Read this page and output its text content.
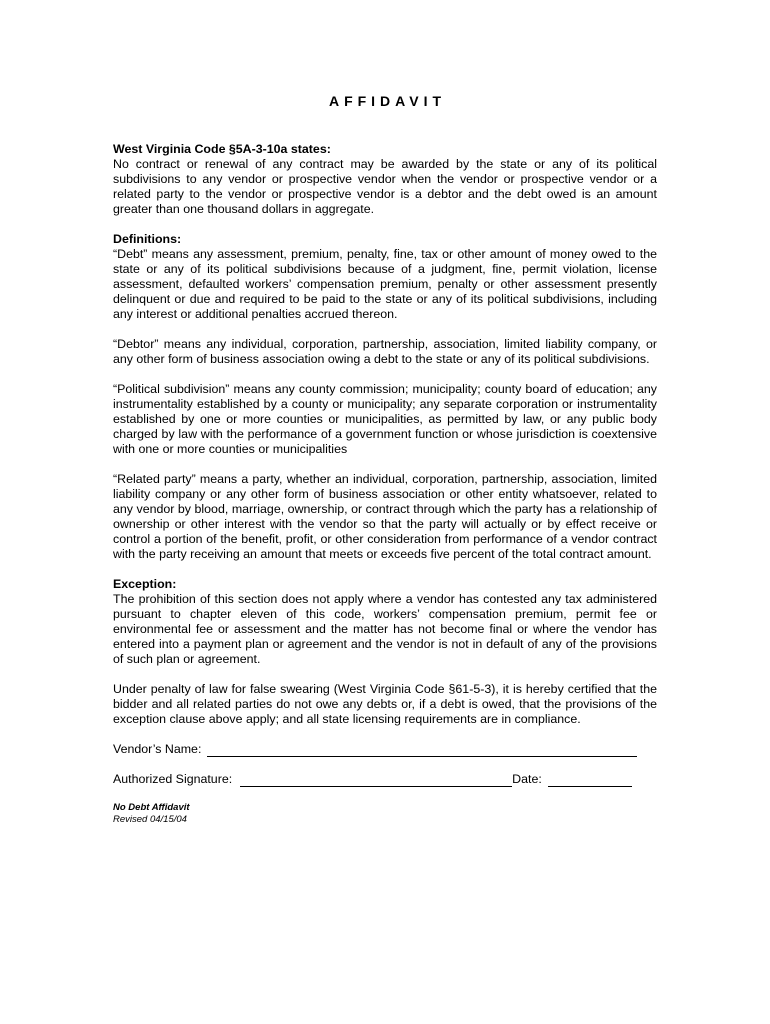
AFFIDAVIT
West Virginia Code §5A-3-10a states:

No contract or renewal of any contract may be awarded by the state or any of its political subdivisions to any vendor or prospective vendor when the vendor or prospective vendor or a related party to the vendor or prospective vendor is a debtor and the debt owed is an amount greater than one thousand dollars in aggregate.

Definitions:

“Debt” means any assessment, premium, penalty, fine, tax or other amount of money owed to the state or any of its political subdivisions because of a judgment, fine, permit violation, license assessment, defaulted workers’ compensation premium, penalty or other assessment presently delinquent or due and required to be paid to the state or any of its political subdivisions, including any interest or additional penalties accrued thereon.

“Debtor” means any individual, corporation, partnership, association, limited liability company, or any other form of business association owing a debt to the state or any of its political subdivisions.

“Political subdivision” means any county commission; municipality; county board of education; any instrumentality established by a county or municipality; any separate corporation or instrumentality established by one or more counties or municipalities, as permitted by law, or any public body charged by law with the performance of a government function or whose jurisdiction is coextensive with one or more counties or municipalities

“Related party” means a party, whether an individual, corporation, partnership, association, limited liability company or any other form of business association or other entity whatsoever, related to any vendor by blood, marriage, ownership, or contract through which the party has a relationship of ownership or other interest with the vendor so that the party will actually or by effect receive or control a portion of the benefit, profit, or other consideration from performance of a vendor contract with the party receiving an amount that meets or exceeds five percent of the total contract amount.

Exception:

The prohibition of this section does not apply where a vendor has contested any tax administered pursuant to chapter eleven of this code, workers’ compensation premium, permit fee or environmental fee or assessment and the matter has not become final or where the vendor has entered into a payment plan or agreement and the vendor is not in default of any of the provisions of such plan or agreement.

Under penalty of law for false swearing (West Virginia Code §61-5-3), it is hereby certified that the bidder and all related parties do not owe any debts or, if a debt is owed, that the provisions of the exception clause above apply; and all state licensing requirements are in compliance.

Vendor’s Name:
Authorized Signature:	Date:
No Debt Affidavit
Revised 04/15/04
